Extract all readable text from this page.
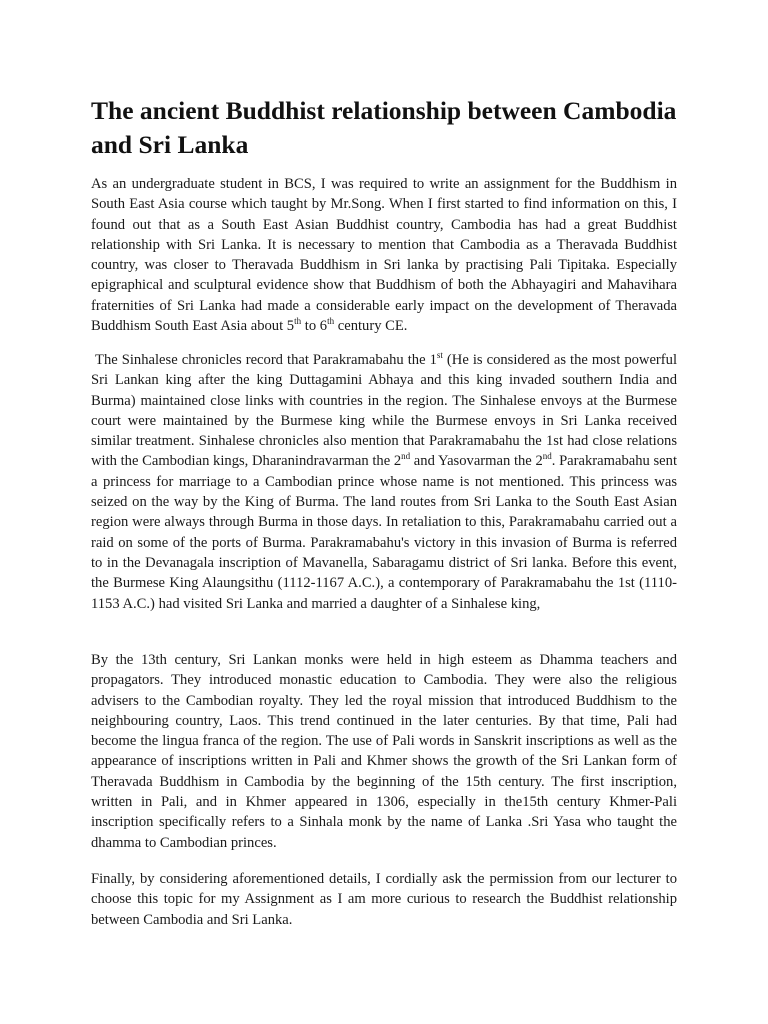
The ancient Buddhist relationship between Cambodia and Sri Lanka

As an undergraduate student in BCS, I was required to write an assignment for the Buddhism in South East Asia course which taught by Mr.Song. When I first started to find information on this, I found out that as a South East Asian Buddhist country, Cambodia has had a great Buddhist relationship with Sri Lanka. It is necessary to mention that Cambodia as a Theravada Buddhist country, was closer to Theravada Buddhism in Sri lanka by practising Pali Tipitaka. Especially epigraphical and sculptural evidence show that Buddhism of both the Abhayagiri and Mahavihara fraternities of Sri Lanka had made a considerable early impact on the development of Theravada Buddhism South East Asia about 5th to 6th century CE.

The Sinhalese chronicles record that Parakramabahu the 1st (He is considered as the most powerful Sri Lankan king after the king Duttagamini Abhaya and this king invaded southern India and Burma) maintained close links with countries in the region. The Sinhalese envoys at the Burmese court were maintained by the Burmese king while the Burmese envoys in Sri Lanka received similar treatment. Sinhalese chronicles also mention that Parakramabahu the 1st had close relations with the Cambodian kings, Dharanindravarman the 2nd and Yasovarman the 2nd. Parakramabahu sent a princess for marriage to a Cambodian prince whose name is not mentioned. This princess was seized on the way by the King of Burma. The land routes from Sri Lanka to the South East Asian region were always through Burma in those days. In retaliation to this, Parakramabahu carried out a raid on some of the ports of Burma. Parakramabahu's victory in this invasion of Burma is referred to in the Devanagala inscription of Mavanella, Sabaragamu district of Sri lanka. Before this event, the Burmese King Alaungsithu (1112-1167 A.C.), a contemporary of Parakramabahu the 1st (1110-1153 A.C.) had visited Sri Lanka and married a daughter of a Sinhalese king,

By the 13th century, Sri Lankan monks were held in high esteem as Dhamma teachers and propagators. They introduced monastic education to Cambodia. They were also the religious advisers to the Cambodian royalty. They led the royal mission that introduced Buddhism to the neighbouring country, Laos. This trend continued in the later centuries. By that time, Pali had become the lingua franca of the region. The use of Pali words in Sanskrit inscriptions as well as the appearance of inscriptions written in Pali and Khmer shows the growth of the Sri Lankan form of Theravada Buddhism in Cambodia by the beginning of the 15th century. The first inscription, written in Pali, and in Khmer appeared in 1306, especially in the15th century Khmer-Pali inscription specifically refers to a Sinhala monk by the name of Lanka .Sri Yasa who taught the dhamma to Cambodian princes.

Finally, by considering aforementioned details, I cordially ask the permission from our lecturer to choose this topic for my Assignment as I am more curious to research the Buddhist relationship between Cambodia and Sri Lanka.
